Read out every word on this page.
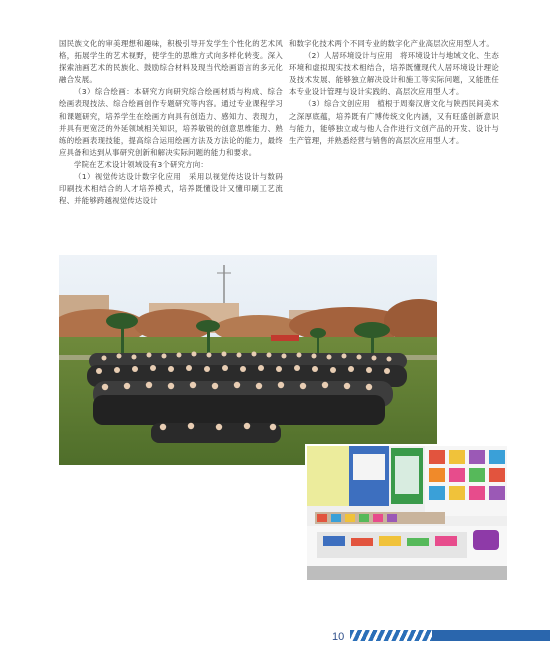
国民族文化的审美理想和趣味，积极引导开发学生个性化的艺术风格，拓展学生的艺术视野，使学生的思维方式向多样化转变。深入探索油画艺术的民族化、鼓励综合材料及现当代绘画语言的多元化融合发展。

（3）综合绘画：本研究方向研究综合绘画材质与构成、综合绘画表现技法、综合绘画创作专题研究等内容。通过专业课程学习和课题研究，培养学生在绘画方向具有创造力、感知力、表现力，并具有更宽泛的外延领域相关知识，培养敏锐的创意思维能力、熟练的绘画表现技能，提高综合运用绘画方法及方法论的能力，最终应具备和达到从事研究创新和解决实际问题的能力和要求。

学院在艺术设计领域设有3个研究方向：

（1）视觉传达设计数字化应用　采用以视觉传达设计与数码印刷技术相结合的人才培养模式，培养既懂设计又懂印刷工艺流程、并能够跨越视觉传达设计

和数字化技术两个不同专业的数字化产业高层次应用型人才。

（2）人居环境设计与应用　将环境设计与地域文化、生态环境和虚拟现实技术相结合，培养既懂现代人居环境设计理论及技术发展、能够独立解决设计和施工等实际问题，又能胜任本专业设计管理与设计实践的、高层次应用型人才。

（3）综合文创应用　植根于周秦汉唐文化与陕西民间美术之深厚底蕴，培养既有广博传统文化内涵，又有旺盛创新意识与能力，能够独立或与他人合作进行文创产品的开发、设计与生产管理，并熟悉经营与销售的高层次应用型人才。

10
